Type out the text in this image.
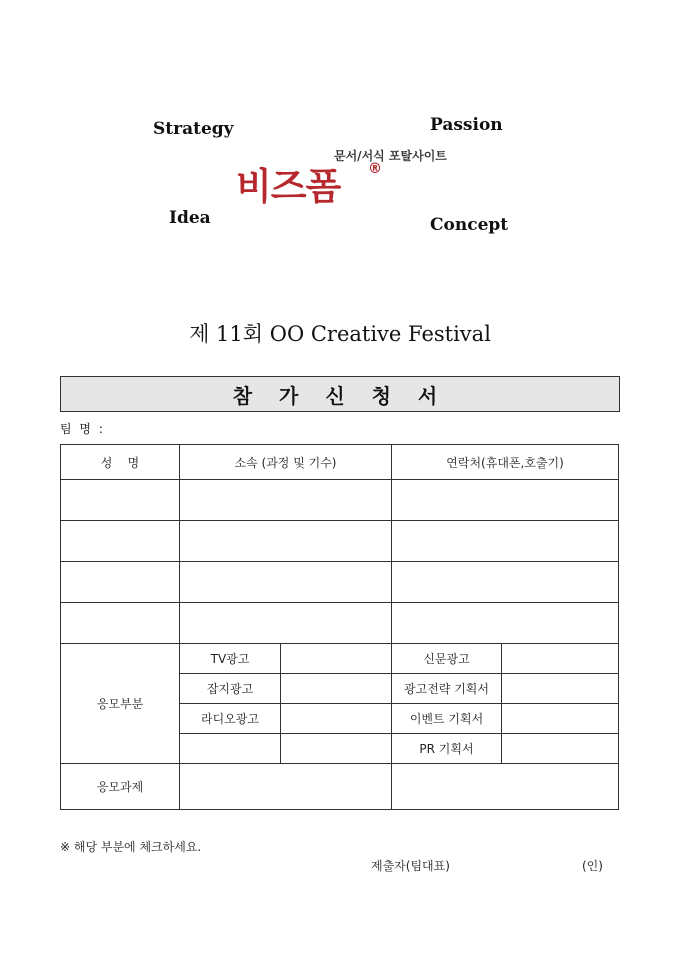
Strategy	Passion
Idea	Concept
문서/서식 포탈사이트
비즈폼 ®
제 11회 OO Creative Festival
참 가 신 청 서
팀 명 :
성    명	소속 (과정 및 기수)		연락처(휴대폰,호출기)	

응모부분	TV광고		신문광고	
	잡지광고		광고전략 기획서	
	라디오광고		이벤트 기획서	
			PR 기획서	
응모과제				
※ 해당 부분에 체크하세요.
제출자(팀대표)	(인)
